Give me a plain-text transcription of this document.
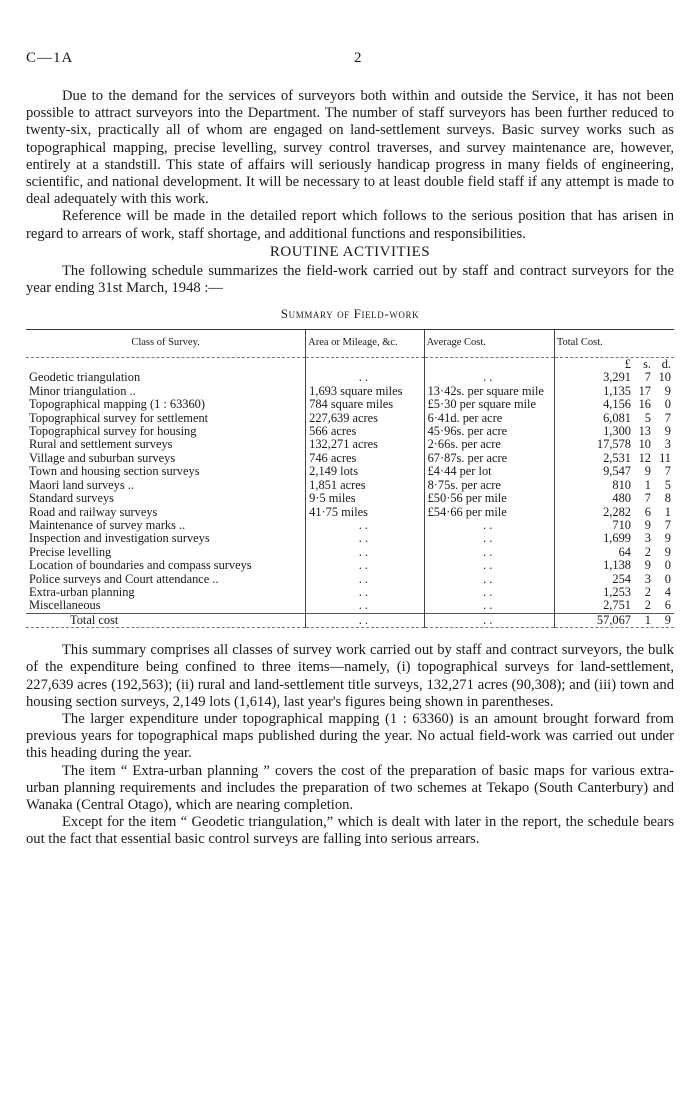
C—1A	2

Due to the demand for the services of surveyors both within and outside the Service, it has not been possible to attract surveyors into the Department. The number of staff surveyors has been further reduced to twenty-six, practically all of whom are engaged on land-settlement surveys. Basic survey works such as topographical mapping, precise levelling, survey control traverses, and survey maintenance are, however, entirely at a standstill. This state of affairs will seriously handicap progress in many fields of engineering, scientific, and national development. It will be necessary to at least double field staff if any attempt is made to deal adequately with this work.

Reference will be made in the detailed report which follows to the serious position that has arisen in regard to arrears of work, staff shortage, and additional functions and responsibilities.

ROUTINE ACTIVITIES

The following schedule summarizes the field-work carried out by staff and contract surveyors for the year ending 31st March, 1948 :—

Summary of Field-work
Class of Survey.	Area or Mileage, &c.	Average Cost.	Total Cost.

			£ s. d.

Geodetic triangulation	..	..	3,291 7 10

Minor triangulation ..	1,693 square miles	13·42s. per square mile	1,135 17 9

Topographical mapping (1 : 63360)	784 square miles	£5·30 per square mile	4,156 16 0

Topographical survey for settlement	227,639 acres	6·41d. per acre	6,081 5 7

Topographical survey for housing	566 acres	45·96s. per acre	1,300 13 9

Rural and settlement surveys	132,271 acres	2·66s. per acre	17,578 10 3

Village and suburban surveys	746 acres	67·87s. per acre	2,531 12 11

Town and housing section surveys	2,149 lots	£4·44 per lot	9,547 9 7

Maori land surveys ..	1,851 acres	8·75s. per acre	810 1 5

Standard surveys	9·5 miles	£50·56 per mile	480 7 8

Road and railway surveys	41·75 miles	£54·66 per mile	2,282 6 1

Maintenance of survey marks ..	..	..	710 9 7

Inspection and investigation surveys	..	..	1,699 3 9

Precise levelling	..	..	64 2 9

Location of boundaries and compass surveys	..	..	1,138 9 0

Police surveys and Court attendance ..	..	..	254 3 0

Extra-urban planning	..	..	1,253 2 4

Miscellaneous	..	..	2,751 2 6

Total cost	..	..	57,067 1 9

This summary comprises all classes of survey work carried out by staff and contract surveyors, the bulk of the expenditure being confined to three items—namely, (i) topographical surveys for land-settlement, 227,639 acres (192,563); (ii) rural and land-settlement title surveys, 132,271 acres (90,308); and (iii) town and housing section surveys, 2,149 lots (1,614), last year's figures being shown in parentheses.

The larger expenditure under topographical mapping (1 : 63360) is an amount brought forward from previous years for topographical maps published during the year. No actual field-work was carried out under this heading during the year.

The item “ Extra-urban planning ” covers the cost of the preparation of basic maps for various extra-urban planning requirements and includes the preparation of two schemes at Tekapo (South Canterbury) and Wanaka (Central Otago), which are nearing completion.

Except for the item “ Geodetic triangulation,” which is dealt with later in the report, the schedule bears out the fact that essential basic control surveys are falling into serious arrears.
